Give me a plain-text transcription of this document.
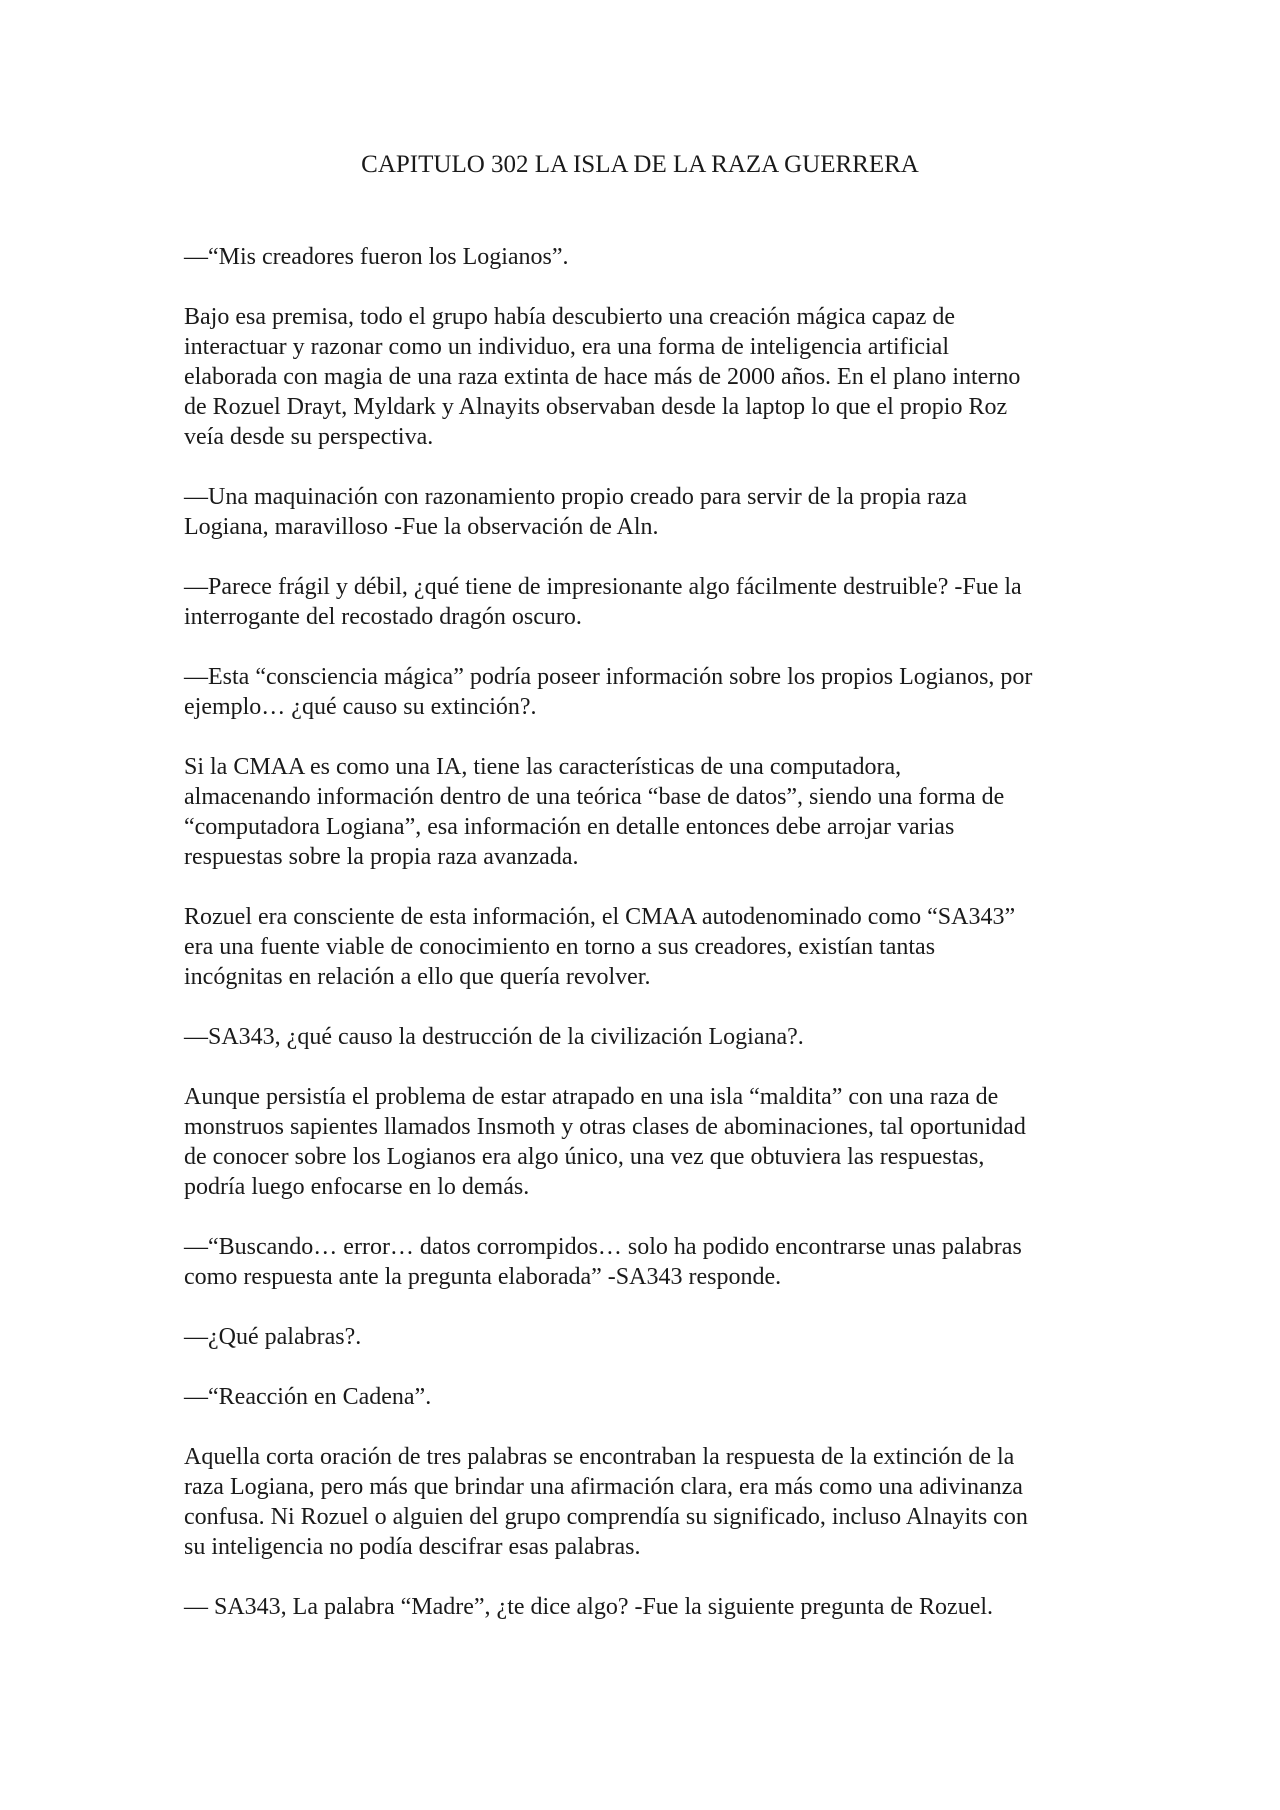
CAPITULO 302 LA ISLA DE LA RAZA GUERRERA

—“Mis creadores fueron los Logianos”.

Bajo esa premisa, todo el grupo había descubierto una creación mágica capaz de
interactuar y razonar como un individuo, era una forma de inteligencia artificial
elaborada con magia de una raza extinta de hace más de 2000 años. En el plano interno
de Rozuel Drayt, Myldark y Alnayits observaban desde la laptop lo que el propio Roz
veía desde su perspectiva.

—Una maquinación con razonamiento propio creado para servir de la propia raza
Logiana, maravilloso -Fue la observación de Aln.

—Parece frágil y débil, ¿qué tiene de impresionante algo fácilmente destruible? -Fue la
interrogante del recostado dragón oscuro.

—Esta “consciencia mágica” podría poseer información sobre los propios Logianos, por
ejemplo… ¿qué causo su extinción?.

Si la CMAA es como una IA, tiene las características de una computadora,
almacenando información dentro de una teórica “base de datos”, siendo una forma de
“computadora Logiana”, esa información en detalle entonces debe arrojar varias
respuestas sobre la propia raza avanzada.

Rozuel era consciente de esta información, el CMAA autodenominado como “SA343”
era una fuente viable de conocimiento en torno a sus creadores, existían tantas
incógnitas en relación a ello que quería revolver.

—SA343, ¿qué causo la destrucción de la civilización Logiana?.

Aunque persistía el problema de estar atrapado en una isla “maldita” con una raza de
monstruos sapientes llamados Insmoth y otras clases de abominaciones, tal oportunidad
de conocer sobre los Logianos era algo único, una vez que obtuviera las respuestas,
podría luego enfocarse en lo demás.

—“Buscando… error… datos corrompidos… solo ha podido encontrarse unas palabras
como respuesta ante la pregunta elaborada” -SA343 responde.

—¿Qué palabras?.

—“Reacción en Cadena”.

Aquella corta oración de tres palabras se encontraban la respuesta de la extinción de la
raza Logiana, pero más que brindar una afirmación clara, era más como una adivinanza
confusa. Ni Rozuel o alguien del grupo comprendía su significado, incluso Alnayits con
su inteligencia no podía descifrar esas palabras.

— SA343, La palabra “Madre”, ¿te dice algo? -Fue la siguiente pregunta de Rozuel.
